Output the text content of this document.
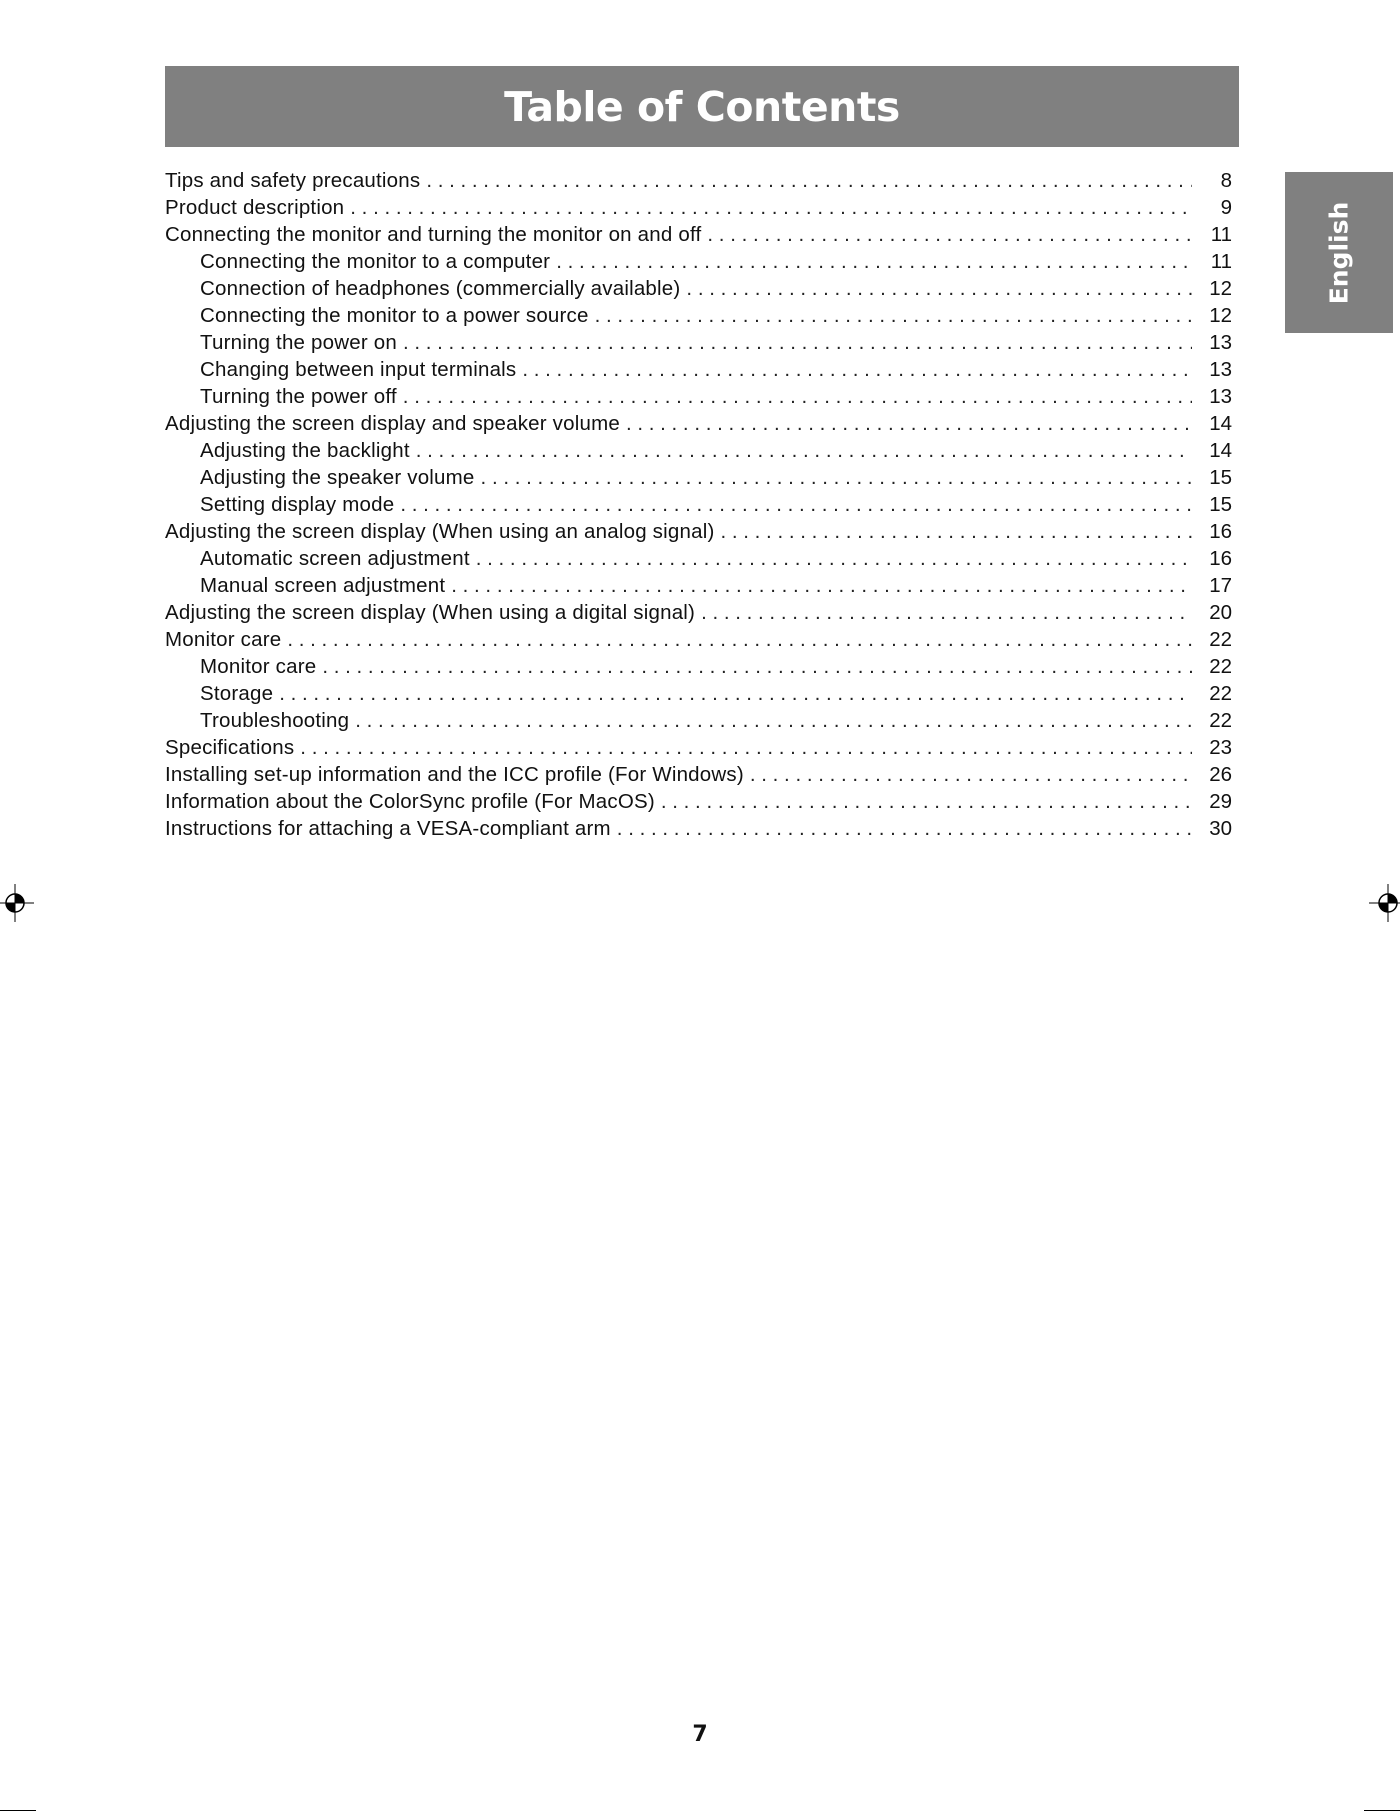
Table of Contents
English
Tips and safety precautions . . .	8
Product description . . .	9
Connecting the monitor and turning the monitor on and off . . .	11
Connecting the monitor to a computer . . .	11
Connection of headphones (commercially available) . . .	12
Connecting the monitor to a power source . . .	12
Turning the power on . . .	13
Changing between input terminals . . .	13
Turning the power off . . .	13
Adjusting the screen display and speaker volume . . .	14
Adjusting the backlight . . .	14
Adjusting the speaker volume . . .	15
Setting display mode . . .	15
Adjusting the screen display (When using an analog signal) . . .	16
Automatic screen adjustment . . .	16
Manual screen adjustment . . .	17
Adjusting the screen display (When using a digital signal) . . .	20
Monitor care . . .	22
Monitor care . . .	22
Storage . . .	22
Troubleshooting . . .	22
Specifications . . .	23
Installing set-up information and the ICC profile (For Windows) . . .	26
Information about the ColorSync profile (For MacOS) . . .	29
Instructions for attaching a VESA-compliant arm . . .	30
7
